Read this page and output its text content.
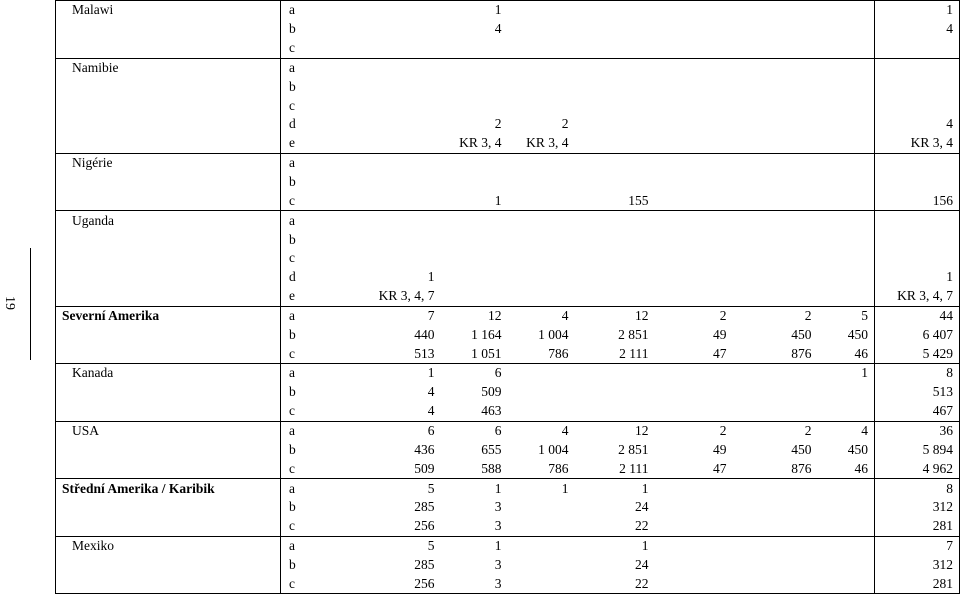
19
Malawi	a		1							1
	b		4							4
	c									
Namibie	a									
	b									
	c									
	d		2	2						4
	e		KR 3, 4	KR 3, 4						KR 3, 4
Nigérie	a									
	b									
	c		1		155					156
Uganda	a									
	b									
	c									
	d	1								1
	e	KR 3, 4, 7								KR 3, 4, 7
Severní Amerika	a	7	12	4	12	2		2	5	44
	b	440	1 164	1 004	2 851	49		450	450	6 407
	c	513	1 051	786	2 111	47		876	46	5 429
Kanada	a	1	6						1	8
	b	4	509							513
	c	4	463							467
USA	a	6	6	4	12	2		2	4	36
	b	436	655	1 004	2 851	49		450	450	5 894
	c	509	588	786	2 111	47		876	46	4 962
Střední Amerika / Karibik	a	5	1	1	1					8
	b	285	3		24					312
	c	256	3		22					281
Mexiko	a	5	1		1					7
	b	285	3		24					312
	c	256	3		22					281
